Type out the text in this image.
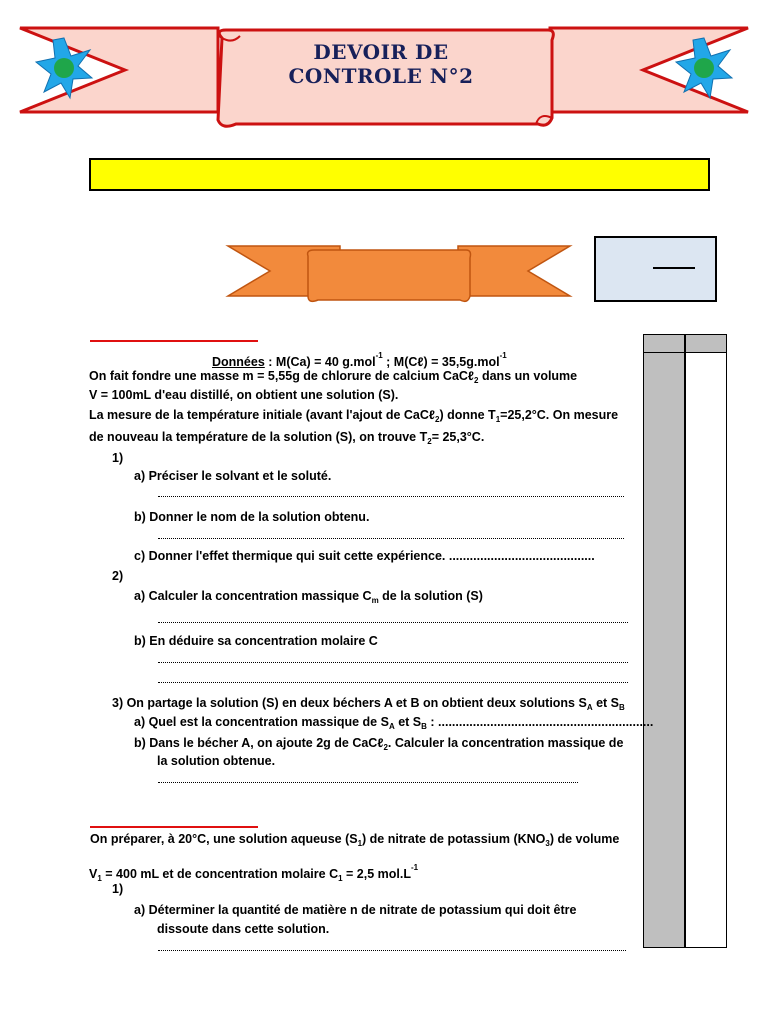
DEVOIR DE
CONTROLE N°2
Données : M(Ca) = 40 g.mol$^{-1}$ ; M(Cℓ) = 35,5g.mol$^{-1}$
On fait fondre une masse m = 5,55g de chlorure de calcium CaCℓ$_2$ dans un volume
V = 100mL d'eau distillé, on obtient une solution (S).
La mesure de la température initiale (avant l'ajout de CaCℓ$_2$) donne $T_1=25,2^\circ C$. On mesure
de nouveau la température de la solution (S), on trouve $T_2= 25,3^\circ C$.
1)
a) Préciser le solvant et le soluté.
b) Donner le nom de la solution obtenu.
c) Donner l'effet thermique qui suit cette expérience. ..........................................
2)
a) Calculer la concentration massique $C_m$ de la solution (S)
b) En déduire sa concentration molaire C
3) On partage la solution (S) en deux béchers A et B on obtient deux solutions $S_A$ et $S_B$
a) Quel est la concentration massique de $S_A$ et $S_B$ : ..............................................................
b) Dans le bécher A, on ajoute 2g de CaCℓ$_2$. Calculer la concentration massique de
la solution obtenue.
On préparer, à 20°C, une solution aqueuse $(S_1)$ de nitrate de potassium $(KNO_3)$ de volume
$V_1 = 400$ mL et de concentration molaire $C_1 = 2,5$ $mol.L^{-1}$
1)
a) Déterminer la quantité de matière n de nitrate de potassium qui doit être
dissoute dans cette solution.
